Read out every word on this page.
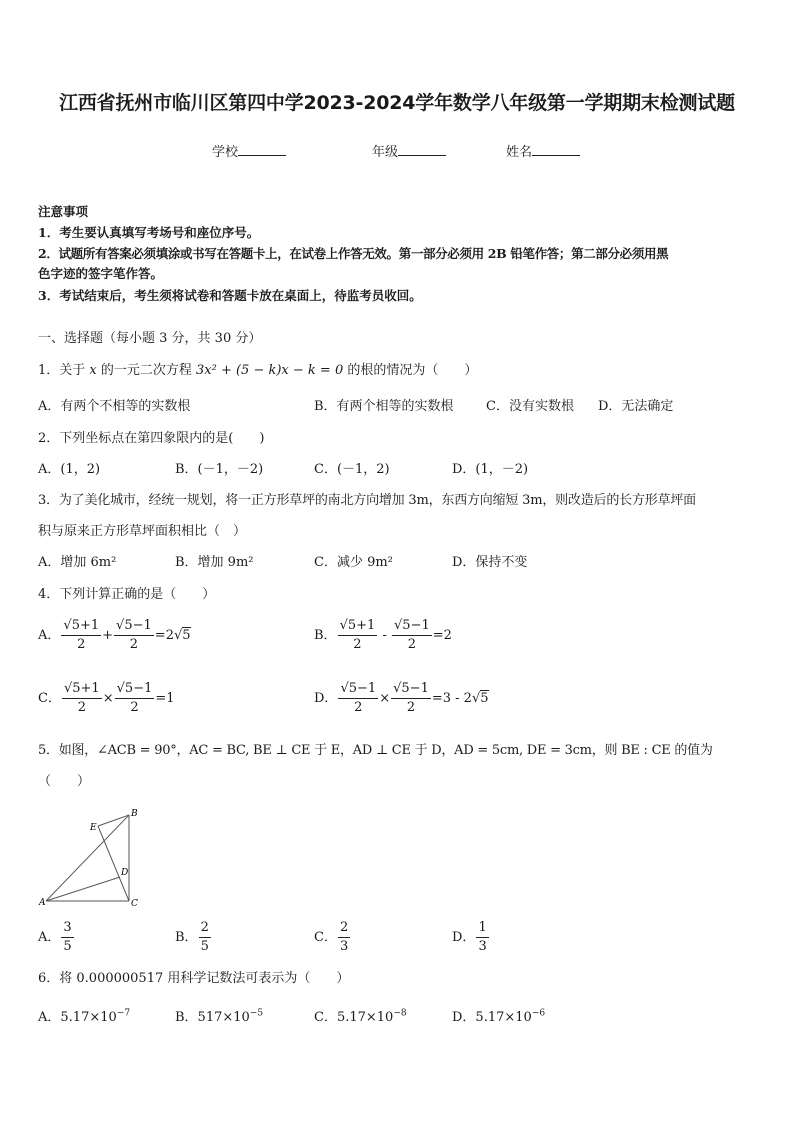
江西省抚州市临川区第四中学2023-2024学年数学八年级第一学期期末检测试题
学校	年级	姓名
注意事项
1．考生要认真填写考场号和座位序号。
2．试题所有答案必须填涂或书写在答题卡上，在试卷上作答无效。第一部分必须用 2B 铅笔作答；第二部分必须用黑
色字迹的签字笔作答。
3．考试结束后，考生须将试卷和答题卡放在桌面上，待监考员收回。
一、选择题（每小题 3 分，共 30 分）
1．关于 x 的一元二次方程 3x² + (5 − k)x − k = 0 的根的情况为（　　）
A．有两个不相等的实数根	B．有两个相等的实数根 C．没有实数根 D．无法确定
2．下列坐标点在第四象限内的是(　　)
A．(1，2)	B．(－1，－2)	C．(－1，2)	D．(1，－2)
3．为了美化城市，经统一规划，将一正方形草坪的南北方向增加 3m，东西方向缩短 3m，则改造后的长方形草坪面
积与原来正方形草坪面积相比（　）
A．增加 6m²	B．增加 9m²	C．减少 9m²	D．保持不变
4．下列计算正确的是（　　）
A． $\frac{√5+1}{2} + \frac{√5-1}{2} =2√5$	B． $\frac{√5+1}{2} - \frac{√5-1}{2} =2$
C． $\frac{√5+1}{2} \times \frac{√5-1}{2} =1$	D． $\frac{√5-1}{2} \times \frac{√5-1}{2} =3 - 2√5$
5．如图，∠ACB = 90°，AC = BC, BE ⊥ CE 于 E，AD ⊥ CE 于 D，AD = 5cm, DE = 3cm，则 BE : CE 的值为
（　　）
A
B
C
D
E
A． $\frac{3}{5}$	B． $\frac{2}{5}$	C． $\frac{2}{3}$	D． $\frac{1}{3}$
6．将 0.000000517 用科学记数法可表示为（　　）
A．$5.17\times 10^{-7}$	B．$517\times 10^{-5}$	C．$5.17\times 10^{-8}$	D．$5.17\times 10^{-6}$
